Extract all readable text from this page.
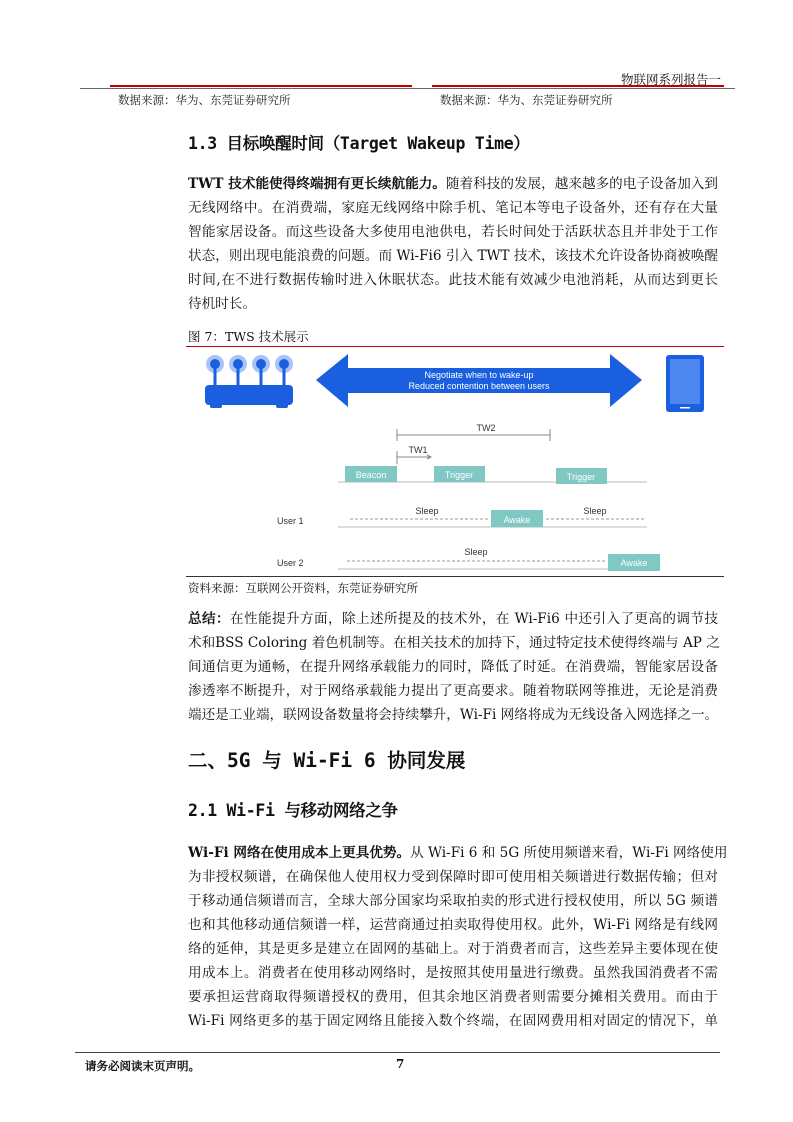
物联网系列报告一
数据来源：华为、东莞证券研究所	数据来源：华为、东莞证券研究所
1.3 目标唤醒时间（Target Wakeup Time）
TWT 技术能使得终端拥有更长续航能力。随着科技的发展，越来越多的电子设备加入到
无线网络中。在消费端，家庭无线网络中除手机、笔记本等电子设备外，还有存在大量
智能家居设备。而这些设备大多使用电池供电，若长时间处于活跃状态且并非处于工作
状态，则出现电能浪费的问题。而 Wi-Fi6 引入 TWT 技术，该技术允许设备协商被唤醒
时间,在不进行数据传输时进入休眠状态。此技术能有效减少电池消耗，从而达到更长
待机时长。
图 7：TWS 技术展示
Negotiate when to wake-up
Reduced contention between users
TW2
TW1
Beacon	Trigger	Trigger
User 1
Sleep
Awake
Sleep
User 2
Sleep
Awake
资料来源：互联网公开资料，东莞证券研究所
总结：在性能提升方面，除上述所提及的技术外，在 Wi-Fi6 中还引入了更高的调节技
术和BSS Coloring 着色机制等。在相关技术的加持下，通过特定技术使得终端与 AP 之
间通信更为通畅，在提升网络承载能力的同时，降低了时延。在消费端，智能家居设备
渗透率不断提升，对于网络承载能力提出了更高要求。随着物联网等推进，无论是消费
端还是工业端，联网设备数量将会持续攀升，Wi-Fi 网络将成为无线设备入网选择之一。
二、5G 与 Wi-Fi 6 协同发展
2.1 Wi-Fi 与移动网络之争
Wi-Fi 网络在使用成本上更具优势。从 Wi-Fi 6 和 5G 所使用频谱来看，Wi-Fi 网络使用
为非授权频谱，在确保他人使用权力受到保障时即可使用相关频谱进行数据传输；但对
于移动通信频谱而言，全球大部分国家均采取拍卖的形式进行授权使用，所以 5G 频谱
也和其他移动通信频谱一样，运营商通过拍卖取得使用权。此外，Wi-Fi 网络是有线网
络的延伸，其是更多是建立在固网的基础上。对于消费者而言，这些差异主要体现在使
用成本上。消费者在使用移动网络时，是按照其使用量进行缴费。虽然我国消费者不需
要承担运营商取得频谱授权的费用，但其余地区消费者则需要分摊相关费用。而由于
Wi-Fi 网络更多的基于固定网络且能接入数个终端，在固网费用相对固定的情况下，单
请务必阅读末页声明。	7
